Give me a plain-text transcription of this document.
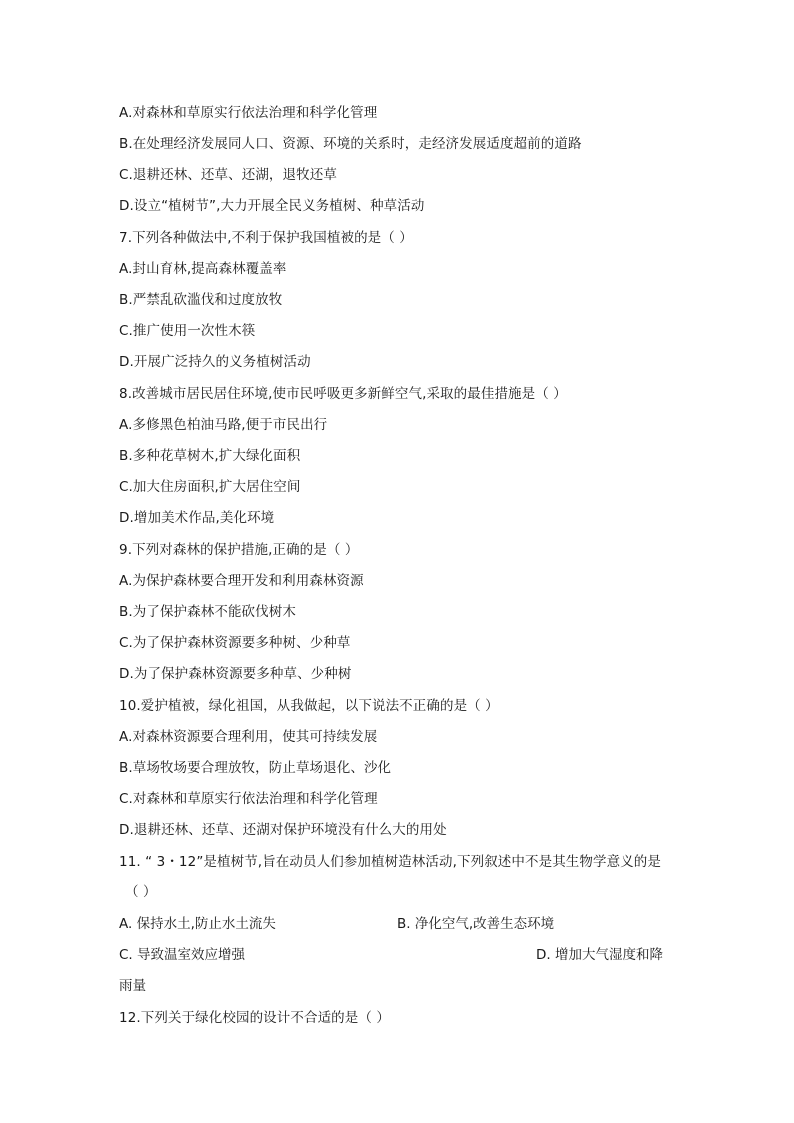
A.对森林和草原实行依法治理和科学化管理
B.在处理经济发展同人口、资源、环境的关系时，走经济发展适度超前的道路
C.退耕还林、还草、还湖，退牧还草
D.设立“植树节”,大力开展全民义务植树、种草活动
7.下列各种做法中,不利于保护我国植被的是（ ）
A.封山育林,提高森林覆盖率
B.严禁乱砍滥伐和过度放牧
C.推广使用一次性木筷
D.开展广泛持久的义务植树活动
8.改善城市居民居住环境,使市民呼吸更多新鲜空气,采取的最佳措施是（ ）
A.多修黑色柏油马路,便于市民出行
B.多种花草树木,扩大绿化面积
C.加大住房面积,扩大居住空间
D.增加美术作品,美化环境
9.下列对森林的保护措施,正确的是（ ）
A.为保护森林要合理开发和利用森林资源
B.为了保护森林不能砍伐树木
C.为了保护森林资源要多种树、少种草
D.为了保护森林资源要多种草、少种树
10.爱护植被，绿化祖国，从我做起，以下说法不正确的是（ ）
A.对森林资源要合理利用，使其可持续发展
B.草场牧场要合理放牧，防止草场退化、沙化
C.对森林和草原实行依法治理和科学化管理
D.退耕还林、还草、还湖对保护环境没有什么大的用处
11. “ 3・12”是植树节,旨在动员人们参加植树造林活动,下列叙述中不是其生物学意义的是
（ ）
A. 保持水土,防止水土流失	B. 净化空气,改善生态环境
C. 导致温室效应增强	D. 增加大气湿度和降
雨量
12.下列关于绿化校园的设计不合适的是（ ）
